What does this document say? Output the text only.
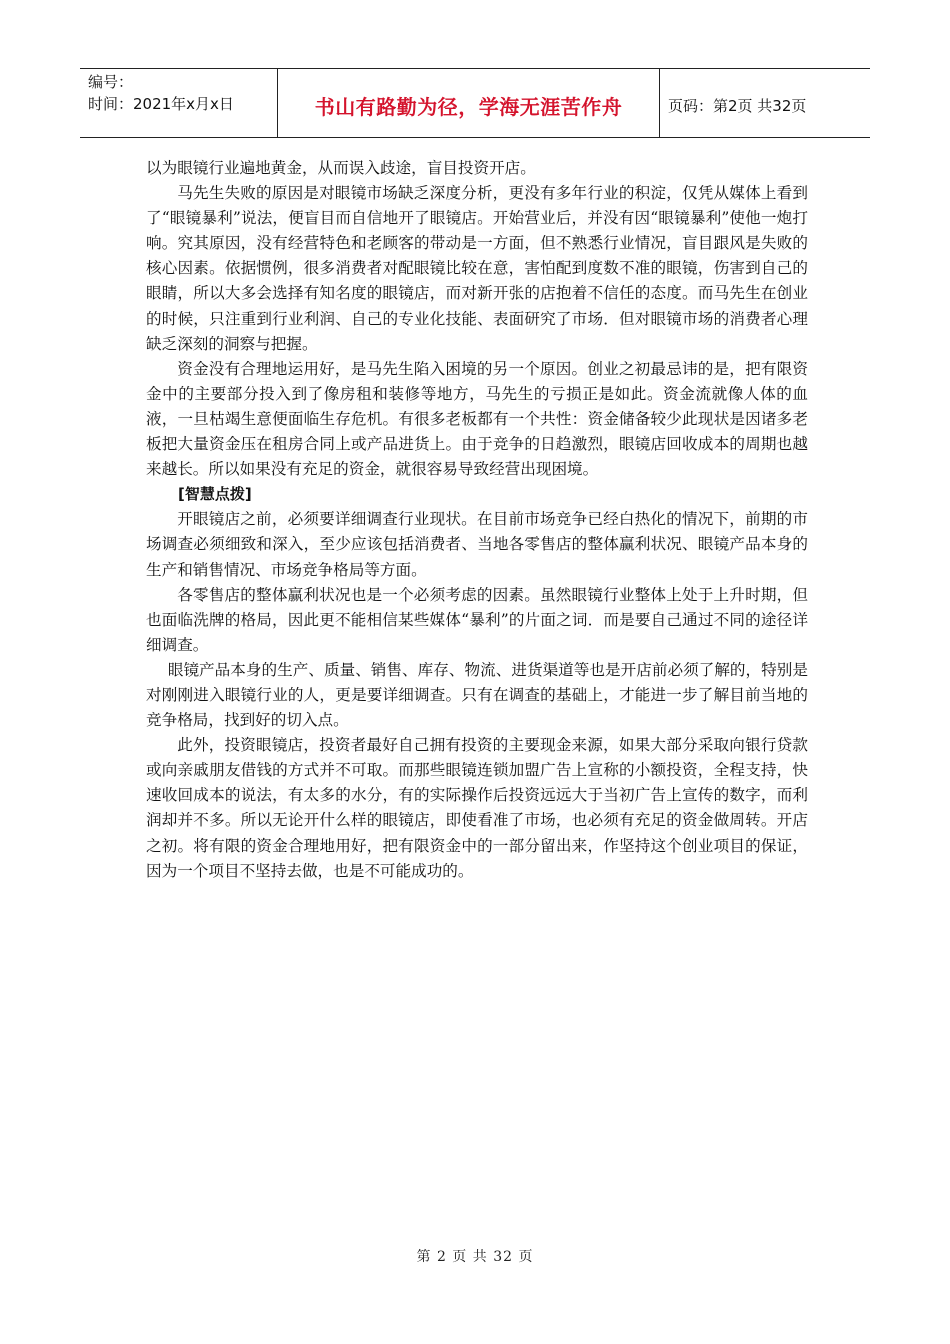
编号：
时间：2021年x月x日	书山有路勤为径，学海无涯苦作舟	页码：第2页 共32页

以为眼镜行业遍地黄金，从而误入歧途，盲目投资开店。

马先生失败的原因是对眼镜市场缺乏深度分析，更没有多年行业的积淀，仅凭从媒体上看到了“眼镜暴利”说法，便盲目而自信地开了眼镜店。开始营业后，并没有因“眼镜暴利”使他一炮打响。究其原因，没有经营特色和老顾客的带动是一方面，但不熟悉行业情况，盲目跟风是失败的核心因素。依据惯例，很多消费者对配眼镜比较在意，害怕配到度数不准的眼镜，伤害到自己的眼睛，所以大多会选择有知名度的眼镜店，而对新开张的店抱着不信任的态度。而马先生在创业的时候，只注重到行业利润、自己的专业化技能、表面研究了市场．但对眼镜市场的消费者心理缺乏深刻的洞察与把握。

资金没有合理地运用好，是马先生陷入困境的另一个原因。创业之初最忌讳的是，把有限资金中的主要部分投入到了像房租和装修等地方，马先生的亏损正是如此。资金流就像人体的血液，一旦枯竭生意便面临生存危机。有很多老板都有一个共性：资金储备较少此现状是因诸多老板把大量资金压在租房合同上或产品进货上。由于竞争的日趋激烈，眼镜店回收成本的周期也越来越长。所以如果没有充足的资金，就很容易导致经营出现困境。

[智慧点拨]

开眼镜店之前，必须要详细调查行业现状。在目前市场竞争已经白热化的情况下，前期的市场调查必须细致和深入，至少应该包括消费者、当地各零售店的整体赢利状况、眼镜产品本身的生产和销售情况、市场竞争格局等方面。

各零售店的整体赢利状况也是一个必须考虑的因素。虽然眼镜行业整体上处于上升时期，但也面临洗牌的格局，因此更不能相信某些媒体“暴利”的片面之词．而是要自己通过不同的途径详细调查。

眼镜产品本身的生产、质量、销售、库存、物流、进货渠道等也是开店前必须了解的，特别是对刚刚进入眼镜行业的人，更是要详细调查。只有在调查的基础上，才能进一步了解目前当地的竞争格局，找到好的切入点。

此外，投资眼镜店，投资者最好自己拥有投资的主要现金来源，如果大部分采取向银行贷款或向亲戚朋友借钱的方式并不可取。而那些眼镜连锁加盟广告上宣称的小额投资，全程支持，快速收回成本的说法，有太多的水分，有的实际操作后投资远远大于当初广告上宣传的数字，而利润却并不多。所以无论开什么样的眼镜店，即使看准了市场，也必须有充足的资金做周转。开店之初。将有限的资金合理地用好，把有限资金中的一部分留出来，作坚持这个创业项目的保证，因为一个项目不坚持去做，也是不可能成功的。

第 2 页 共 32 页
